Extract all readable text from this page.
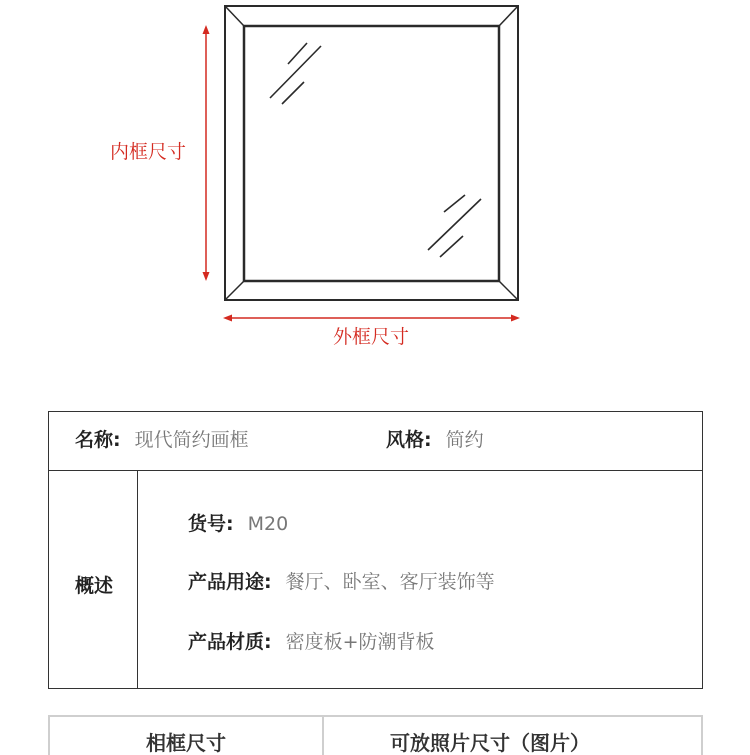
内框尺寸
外框尺寸
名称: 现代简约画框	风格: 简约
概述
货号: M20
产品用途: 餐厅、卧室、客厅装饰等
产品材质: 密度板+防潮背板
相框尺寸	可放照片尺寸（图片）
